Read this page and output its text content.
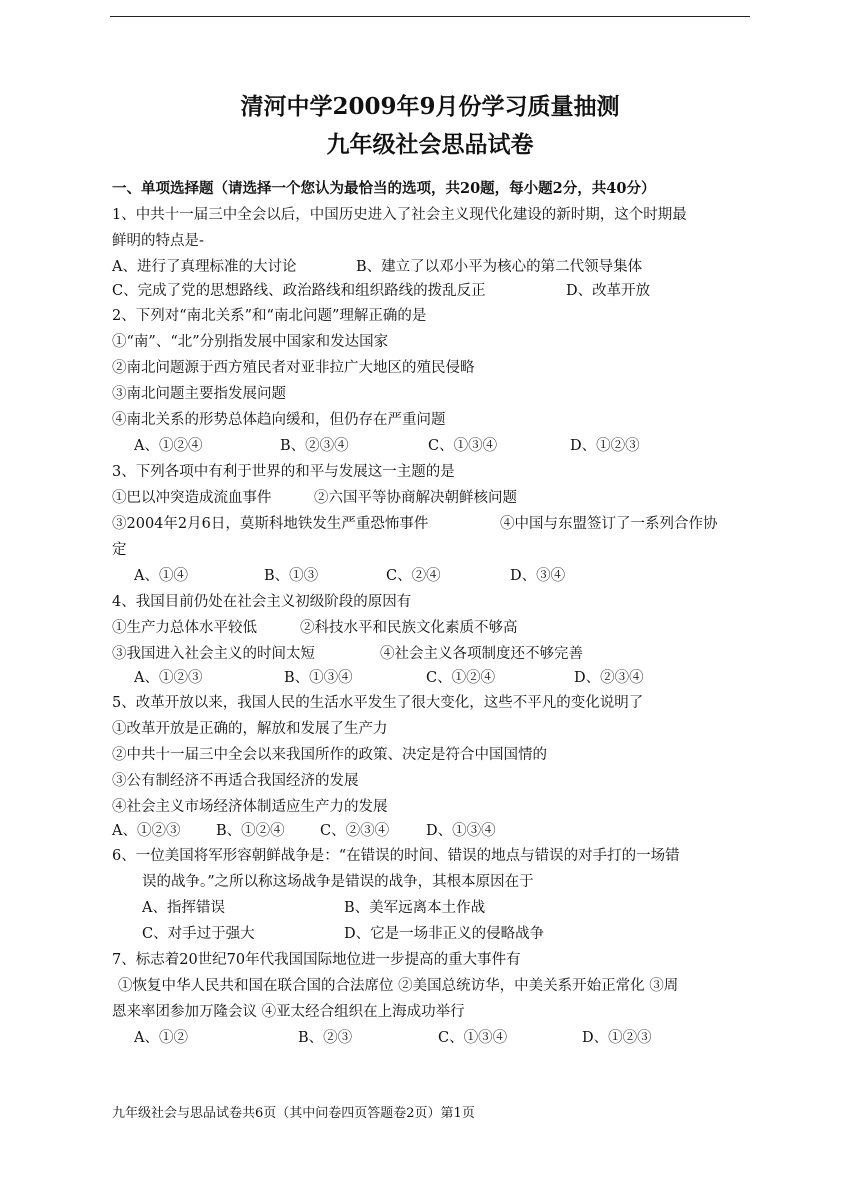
清河中学2009年9月份学习质量抽测
九年级社会思品试卷
一、单项选择题（请选择一个您认为最恰当的选项，共20题，每小题2分，共40分）
1、中共十一届三中全会以后，中国历史进入了社会主义现代化建设的新时期，这个时期最
鲜明的特点是-
A、进行了真理标准的大讨论	B、建立了以邓小平为核心的第二代领导集体
C、完成了党的思想路线、政治路线和组织路线的拨乱反正	D、改革开放
2、下列对“南北关系”和“南北问题”理解正确的是
①“南”、“北”分别指发展中国家和发达国家
②南北问题源于西方殖民者对亚非拉广大地区的殖民侵略
③南北问题主要指发展问题
④南北关系的形势总体趋向缓和，但仍存在严重问题
A、①②④	B、②③④	C、①③④	D、①②③
3、下列各项中有利于世界的和平与发展这一主题的是
①巴以冲突造成流血事件	②六国平等协商解决朝鲜核问题
③2004年2月6日，莫斯科地铁发生严重恐怖事件	④中国与东盟签订了一系列合作协
定
A、①④	B、①③	C、②④	D、③④
4、我国目前仍处在社会主义初级阶段的原因有
①生产力总体水平较低	②科技水平和民族文化素质不够高
③我国进入社会主义的时间太短	④社会主义各项制度还不够完善
A、①②③	B、①③④	C、①②④	D、②③④
5、改革开放以来，我国人民的生活水平发生了很大变化，这些不平凡的变化说明了
①改革开放是正确的，解放和发展了生产力
②中共十一届三中全会以来我国所作的政策、决定是符合中国国情的
③公有制经济不再适合我国经济的发展
④社会主义市场经济体制适应生产力的发展
A、①②③ B、①②④ C、②③④	D、①③④
6、一位美国将军形容朝鲜战争是：“在错误的时间、错误的地点与错误的对手打的一场错
误的战争。”之所以称这场战争是错误的战争，其根本原因在于
A、指挥错误	B、美军远离本土作战
C、对手过于强大	D、它是一场非正义的侵略战争
7、标志着20世纪70年代我国国际地位进一步提高的重大事件有
①恢复中华人民共和国在联合国的合法席位 ②美国总统访华，中美关系开始正常化 ③周
恩来率团参加万隆会议 ④亚太经合组织在上海成功举行
A、①②	B、②③	C、①③④	D、①②③
九年级社会与思品试卷共6页（其中问卷四页答题卷2页）第1页
